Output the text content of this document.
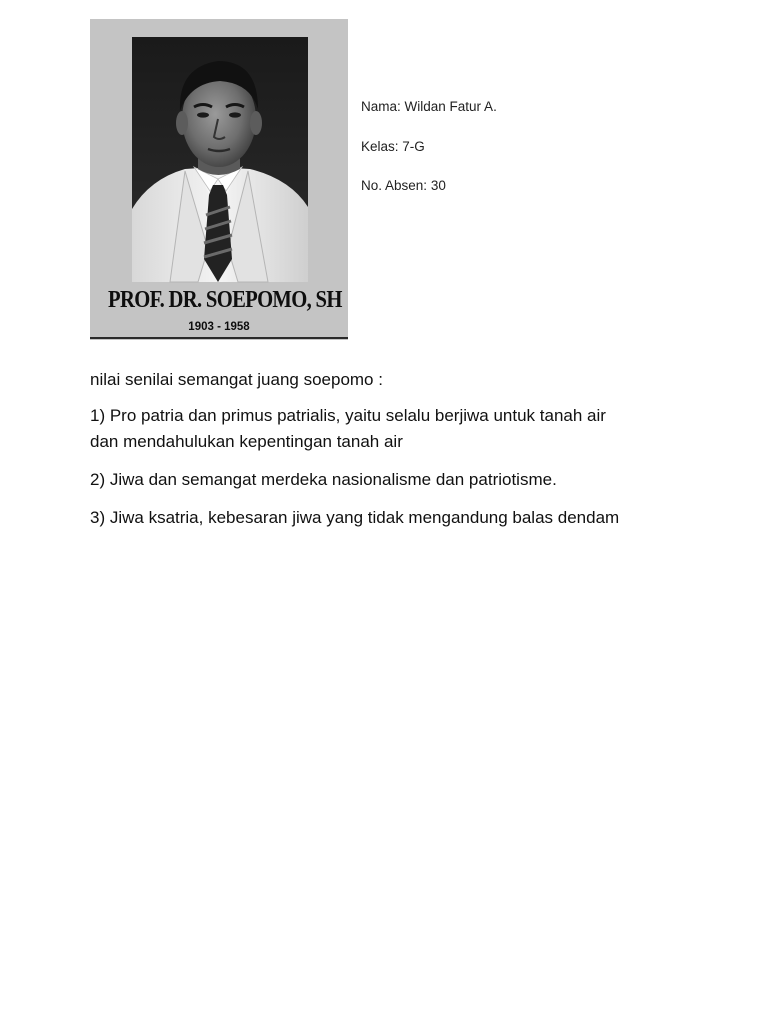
PROF. DR. SOEPOMO, SH
1903 - 1958
Nama: Wildan Fatur A.
Kelas: 7-G
No. Absen: 30

nilai senilai semangat juang soepomo :

1) Pro patria dan primus patrialis, yaitu selalu berjiwa untuk tanah air
dan mendahulukan kepentingan tanah air

2) Jiwa dan semangat merdeka nasionalisme dan patriotisme.

3) Jiwa ksatria, kebesaran jiwa yang tidak mengandung balas dendam
